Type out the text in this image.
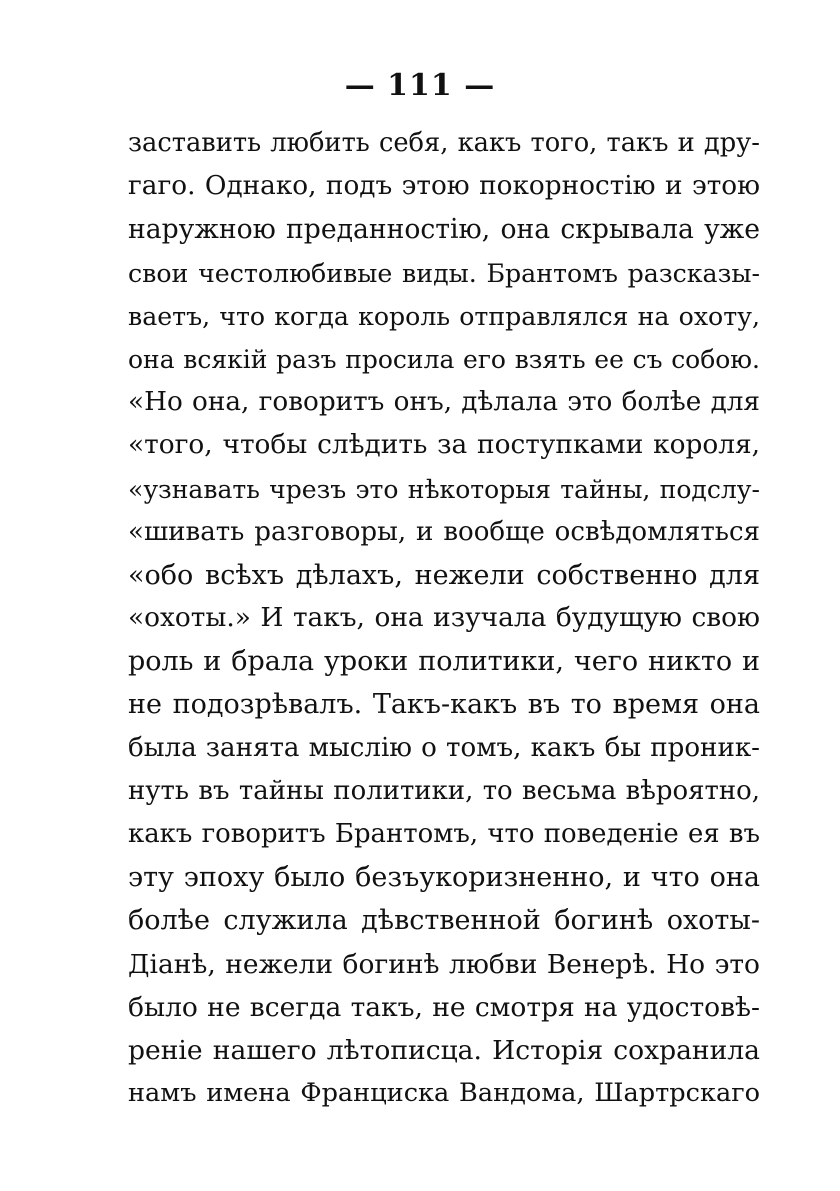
— 111 —
заставить любить себя, какъ того, такъ и дру-
гаго. Однако, подъ этою покорностiю и этою
наружною преданностiю, она скрывала уже
свои честолюбивые виды. Брантомъ разсказы-
ваетъ, что когда король отправлялся на охоту,
она всякiй разъ просила его взять ее съ собою.
«Но она, говоритъ онъ, дѣлала это болѣе для
«того, чтобы слѣдить за поступками короля,
«узнавать чрезъ это нѣкоторыя тайны, подслу-
«шивать разговоры, и вообще освѣдомляться
«обо всѣхъ дѣлахъ, нежели собственно для
«охоты.» И такъ, она изучала будущую свою
роль и брала уроки политики, чего никто и
не подозрѣвалъ. Такъ-какъ въ то время она
была занята мыслiю о томъ, какъ бы проник-
нуть въ тайны политики, то весьма вѣроятно,
какъ говоритъ Брантомъ, что поведенiе ея въ
эту эпоху было безъукоризненно, и что она
болѣе служила дѣвственной богинѣ охоты-
Дiанѣ, нежели богинѣ любви Венерѣ. Но это
было не всегда такъ, не смотря на удостовѣ-
ренiе нашего лѣтописца. Исторiя сохранила
намъ имена Франциска Вандома, Шартрскаго
